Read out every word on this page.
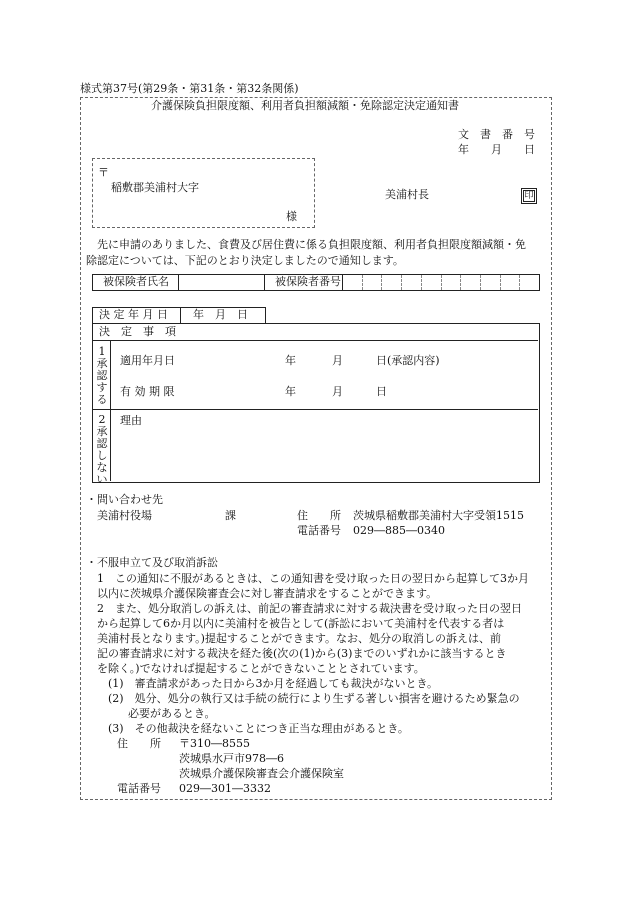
様式第37号(第29条・第31条・第32条関係)
介護保険負担限度額、利用者負担額減額・免除認定決定通知書
文　書　番　号
年　　月　　日
〒
稲敷郡美浦村大字
様
美浦村長	印
先に申請のありました、食費及び居住費に係る負担限度額、利用者負担限度額減額・免
除認定については、下記のとおり決定しましたので通知します。
被保険者氏名	被保険者番号
決 定 年 月 日	年　月　日
決　定　事　項
1
承
認
す
る
適用年月日	年	月	日(承認内容)
有 効 期 限	年	月	日
2
承
認
し
な
い
理由
・問い合わせ先
美浦村役場	課	住　　所 茨城県稲敷郡美浦村大字受領1515
電話番号 029―885―0340
・不服申立て及び取消訴訟
1　この通知に不服があるときは、この通知書を受け取った日の翌日から起算して3か月
以内に茨城県介護保険審査会に対し審査請求をすることができます。
2　また、処分取消しの訴えは、前記の審査請求に対する裁決書を受け取った日の翌日
から起算して6か月以内に美浦村を被告として(訴訟において美浦村を代表する者は
美浦村長となります。)提起することができます。なお、処分の取消しの訴えは、前
記の審査請求に対する裁決を経た後(次の(1)から(3)までのいずれかに該当するとき
を除く。)でなければ提起することができないこととされています。
(1)　審査請求があった日から3か月を経過しても裁決がないとき。
(2)　処分、処分の執行又は手続の続行により生ずる著しい損害を避けるため緊急の
必要があるとき。
(3)　その他裁決を経ないことにつき正当な理由があるとき。
住　　所 〒310―8555
茨城県水戸市978―6
茨城県介護保険審査会介護保険室
電話番号 029―301―3332
